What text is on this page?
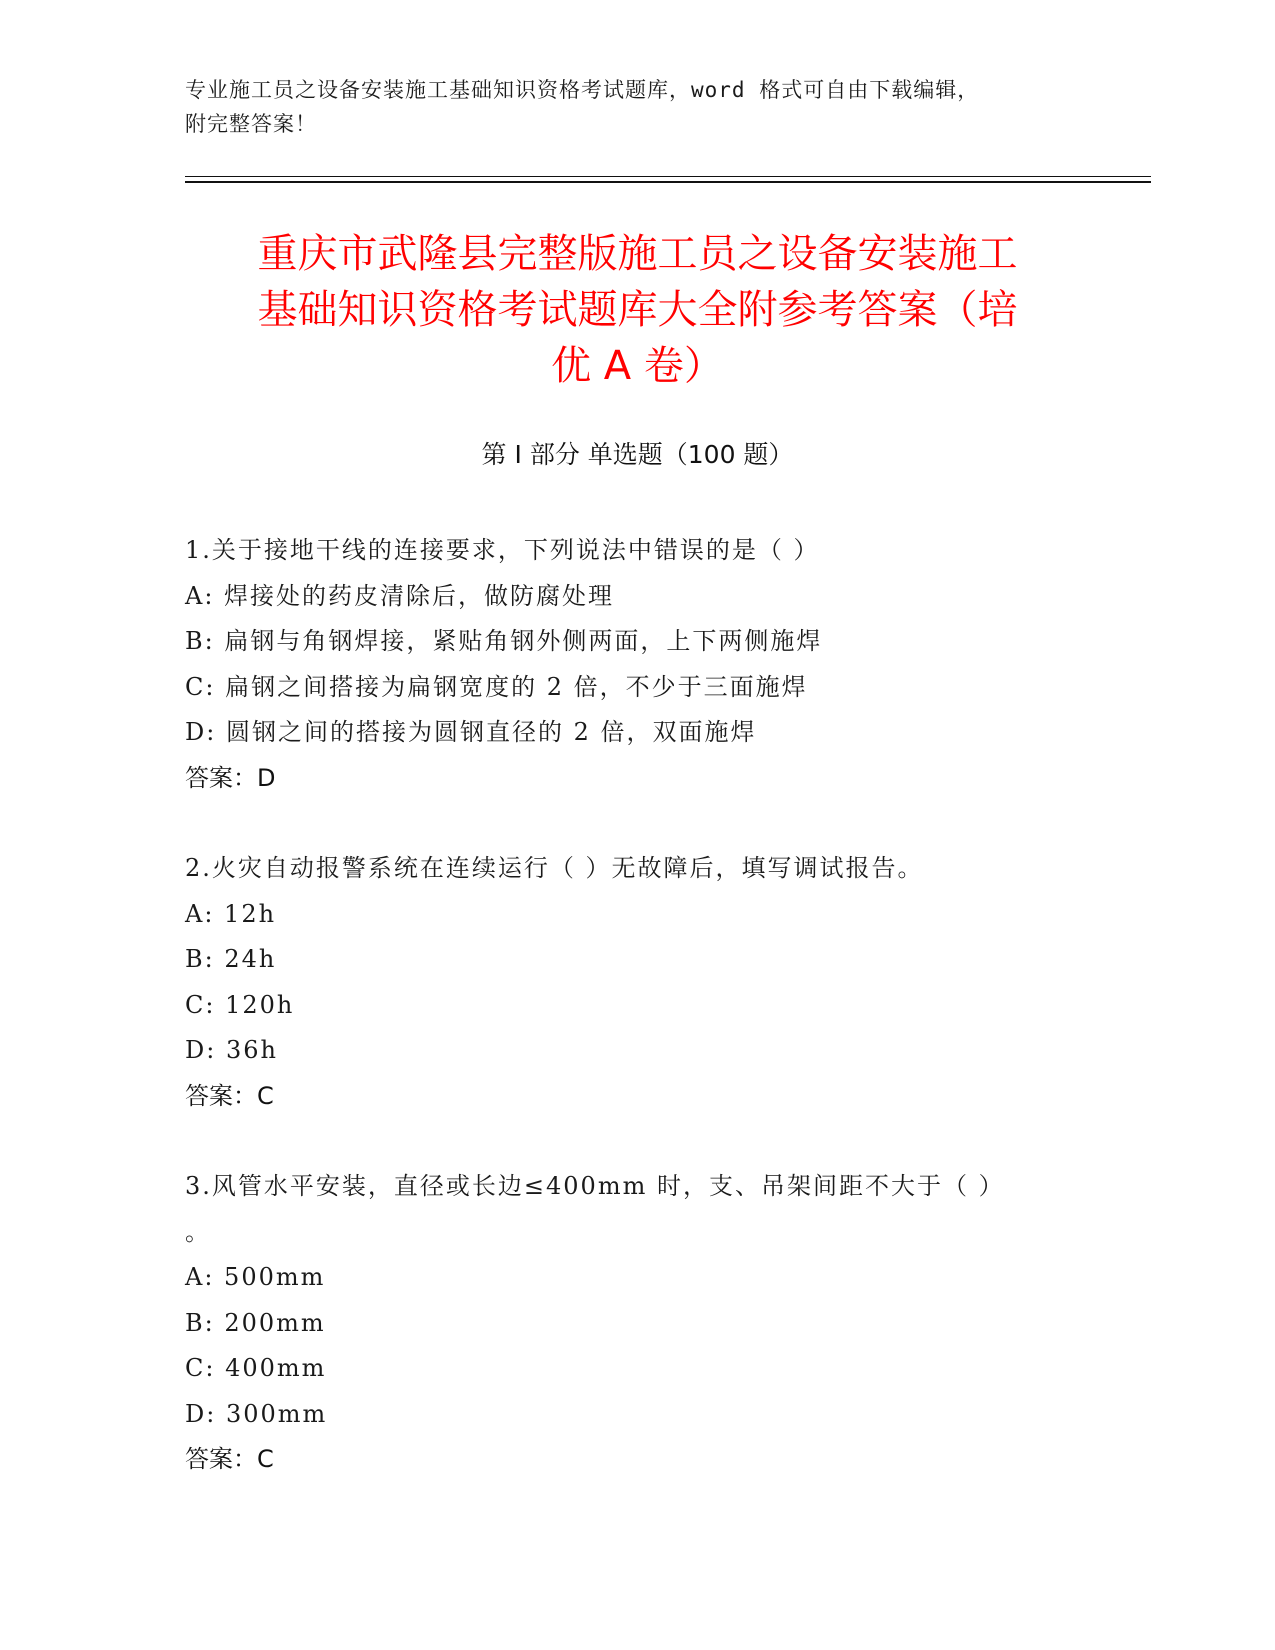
专业施工员之设备安装施工基础知识资格考试题库，word 格式可自由下载编辑，
附完整答案！
重庆市武隆县完整版施工员之设备安装施工
基础知识资格考试题库大全附参考答案（培
优 A 卷）
第 I 部分 单选题（100 题）
1.关于接地干线的连接要求，下列说法中错误的是（ ）
A: 焊接处的药皮清除后，做防腐处理
B: 扁钢与角钢焊接，紧贴角钢外侧两面，上下两侧施焊
C: 扁钢之间搭接为扁钢宽度的 2 倍，不少于三面施焊
D: 圆钢之间的搭接为圆钢直径的 2 倍，双面施焊
答案：D
2.火灾自动报警系统在连续运行（ ）无故障后，填写调试报告。
A: 12h
B: 24h
C: 120h
D: 36h
答案：C
3.风管水平安装，直径或长边≤400mm 时，支、吊架间距不大于（ ）
。
A: 500mm
B: 200mm
C: 400mm
D: 300mm
答案：C
